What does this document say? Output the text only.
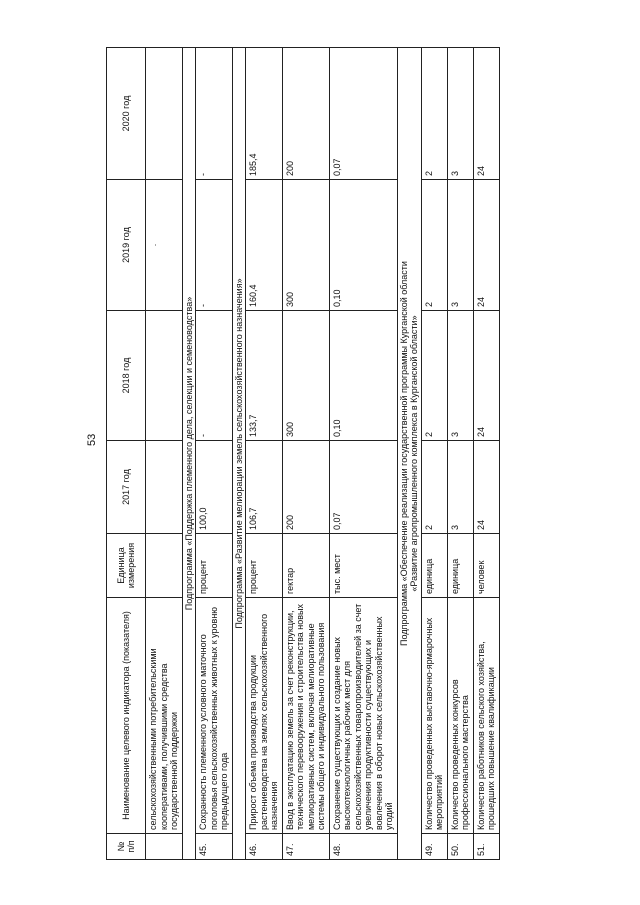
53
№ п/п	Наименование целевого индикатора (показателя)	Единица измерения	2017 год	2018 год	2019 год	2020 год
	сельскохозяйственными потребительскими кооперативами, получившими средства государственной поддержки				.	
Подпрограмма «Поддержка племенного дела, селекции и семеноводства»						
45.	Сохранность племенного условного маточного поголовья сельскохозяйственных животных к уровню предыдущего года	процент	100,0	-	-	-
Подпрограмма «Развитие мелиорации земель сельскохозяйственного назначения»						
46.	Прирост объема производства продукции растениеводства на землях сельскохозяйственного назначения	процент	106,7	133,7	160,4	185,4
47.	Ввод в эксплуатацию земель за счет реконструкции, технического перевооружения и строительства новых мелиоративных систем, включая мелиоративные системы общего и индивидуального пользования	гектар	200	300	300	200
48.	Сохранение существующих и создание новых высокотехнологичных рабочих мест для сельскохозяйственных товаропроизводителей за счет увеличения продуктивности существующих и вовлечения в оборот новых сельскохозяйственных угодий	тыс. мест	0,07	0,10	0,10	0,07

Подпрограмма «Обеспечение реализации государственной программы Курганской области «Развитие агропромышленного комплекса в Курганской области»						

49.	Количество проведенных выставочно-ярмарочных мероприятий	единица	2	2	2	2
50.	Количество проведенных конкурсов профессионального мастерства	единица	3	3	3	3
51.	Количество работников сельского хозяйства, прошедших повышение квалификации	человек	24	24	24	24
